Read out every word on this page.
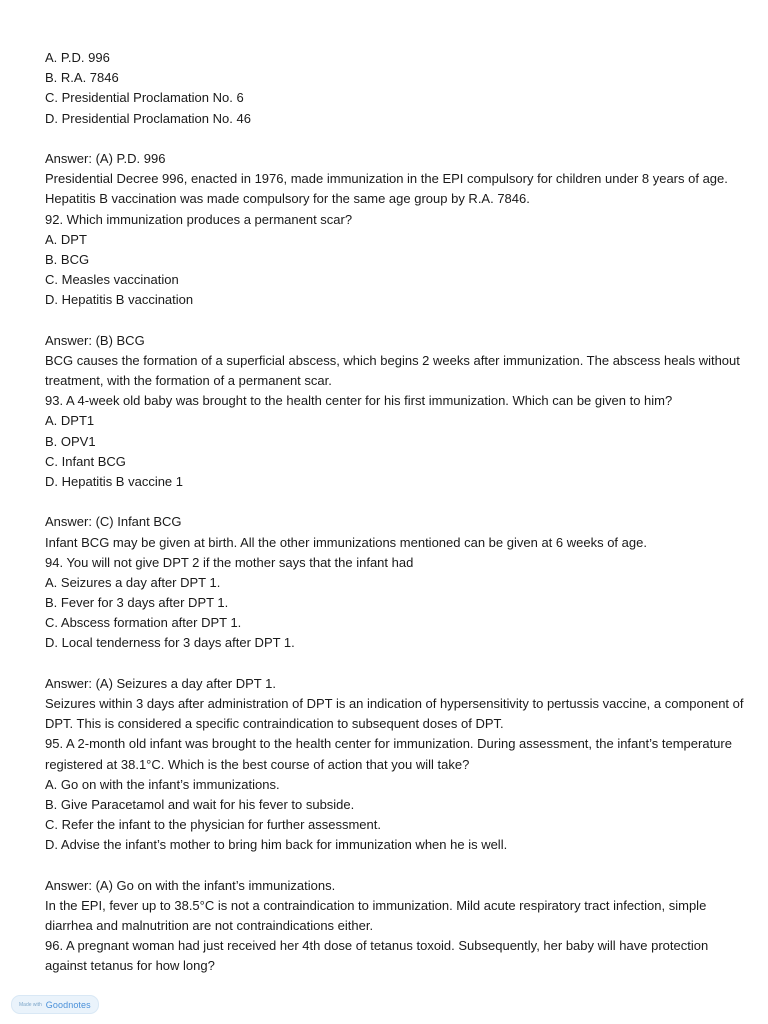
A. P.D. 996
B. R.A. 7846
C. Presidential Proclamation No. 6
D. Presidential Proclamation No. 46
Answer: (A) P.D. 996
Presidential Decree 996, enacted in 1976, made immunization in the EPI compulsory for children under 8 years of age.
Hepatitis B vaccination was made compulsory for the same age group by R.A. 7846.
92. Which immunization produces a permanent scar?
A. DPT
B. BCG
C. Measles vaccination
D. Hepatitis B vaccination
Answer: (B) BCG
BCG causes the formation of a superficial abscess, which begins 2 weeks after immunization. The abscess heals without
treatment, with the formation of a permanent scar.
93. A 4-week old baby was brought to the health center for his first immunization. Which can be given to him?
A. DPT1
B. OPV1
C. Infant BCG
D. Hepatitis B vaccine 1
Answer: (C) Infant BCG
Infant BCG may be given at birth. All the other immunizations mentioned can be given at 6 weeks of age.
94. You will not give DPT 2 if the mother says that the infant had
A. Seizures a day after DPT 1.
B. Fever for 3 days after DPT 1.
C. Abscess formation after DPT 1.
D. Local tenderness for 3 days after DPT 1.
Answer: (A) Seizures a day after DPT 1.
Seizures within 3 days after administration of DPT is an indication of hypersensitivity to pertussis vaccine, a component of
DPT. This is considered a specific contraindication to subsequent doses of DPT.
95. A 2-month old infant was brought to the health center for immunization. During assessment, the infant’s temperature
registered at 38.1°C. Which is the best course of action that you will take?
A. Go on with the infant’s immunizations.
B. Give Paracetamol and wait for his fever to subside.
C. Refer the infant to the physician for further assessment.
D. Advise the infant’s mother to bring him back for immunization when he is well.
Answer: (A) Go on with the infant’s immunizations.
In the EPI, fever up to 38.5°C is not a contraindication to immunization. Mild acute respiratory tract infection, simple
diarrhea and malnutrition are not contraindications either.
96. A pregnant woman had just received her 4th dose of tetanus toxoid. Subsequently, her baby will have protection
against tetanus for how long?
Made with Goodnotes
